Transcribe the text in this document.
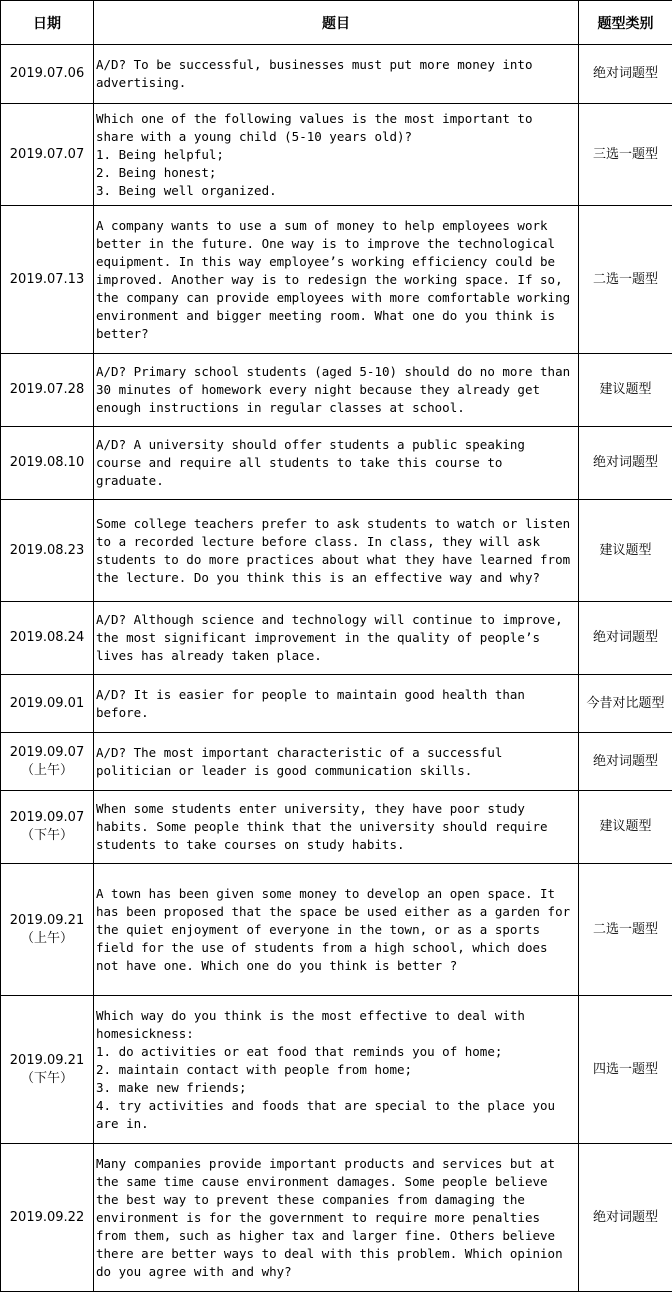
日期	题目	题型类别

2019.07.06	A/D? To be successful, businesses must put more money into advertising.	绝对词题型

2019.07.07	Which one of the following values is the most important to share with a young child (5-10 years old)?
1. Being helpful;
2. Being honest;
3. Being well organized.	三选一题型

2019.07.13	A company wants to use a sum of money to help employees work better in the future. One way is to improve the technological equipment. In this way employee’s working efficiency could be improved. Another way is to redesign the working space. If so, the company can provide employees with more comfortable working environment and bigger meeting room. What one do you think is better?	二选一题型

2019.07.28	A/D? Primary school students (aged 5-10) should do no more than 30 minutes of homework every night because they already get enough instructions in regular classes at school.	建议题型

2019.08.10	A/D? A university should offer students a public speaking course and require all students to take this course to graduate.	绝对词题型

2019.08.23	Some college teachers prefer to ask students to watch or listen to a recorded lecture before class. In class, they will ask students to do more practices about what they have learned from the lecture. Do you think this is an effective way and why?	建议题型

2019.08.24	A/D? Although science and technology will continue to improve, the most significant improvement in the quality of people’s lives has already taken place.	绝对词题型

2019.09.01	A/D? It is easier for people to maintain good health than before.	今昔对比题型

2019.09.07
（上午）	A/D? The most important characteristic of a successful politician or leader is good communication skills.	绝对词题型

2019.09.07
（下午）	When some students enter university, they have poor study habits. Some people think that the university should require students to take courses on study habits.	建议题型

2019.09.21
（上午）	A town has been given some money to develop an open space. It has been proposed that the space be used either as a garden for the quiet enjoyment of everyone in the town, or as a sports field for the use of students from a high school, which does not have one. Which one do you think is better ?	二选一题型

2019.09.21
（下午）	Which way do you think is the most effective to deal with homesickness:
1. do activities or eat food that reminds you of home;
2. maintain contact with people from home;
3. make new friends;
4. try activities and foods that are special to the place you are in.	四选一题型

2019.09.22	Many companies provide important products and services but at the same time cause environment damages. Some people believe the best way to prevent these companies from damaging the environment is for the government to require more penalties from them, such as higher tax and larger fine. Others believe there are better ways to deal with this problem. Which opinion do you agree with and why?	绝对词题型
